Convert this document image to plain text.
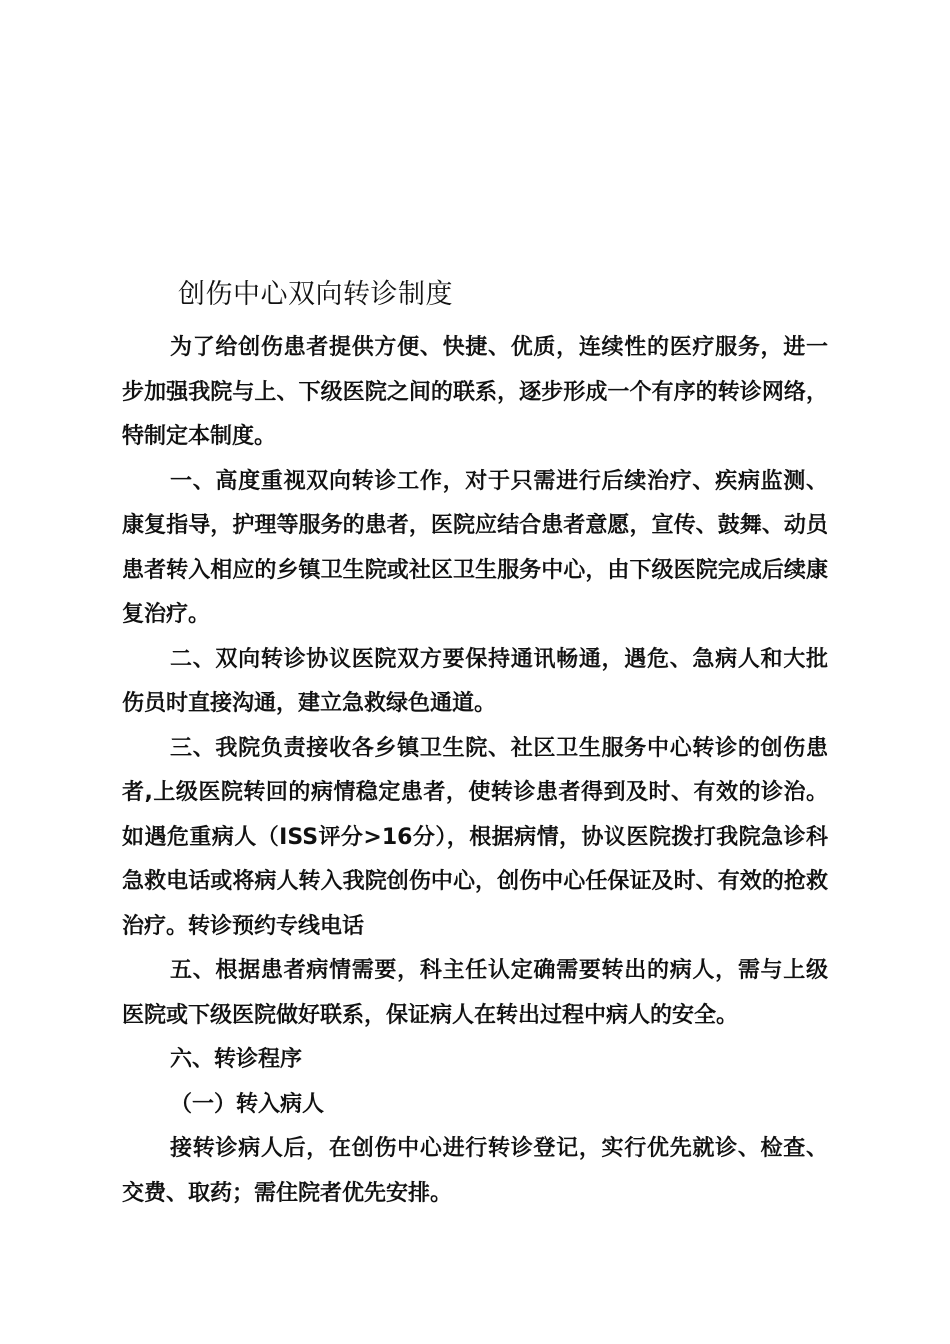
创伤中心双向转诊制度

为了给创伤患者提供方便、快捷、优质，连续性的医疗服务，进一步加强我院与上、下级医院之间的联系，逐步形成一个有序的转诊网络，特制定本制度。

一、高度重视双向转诊工作，对于只需进行后续治疗、疾病监测、康复指导，护理等服务的患者，医院应结合患者意愿，宣传、鼓舞、动员患者转入相应的乡镇卫生院或社区卫生服务中心，由下级医院完成后续康复治疗。

二、双向转诊协议医院双方要保持通讯畅通，遇危、急病人和大批伤员时直接沟通，建立急救绿色通道。

三、我院负责接收各乡镇卫生院、社区卫生服务中心转诊的创伤患者,上级医院转回的病情稳定患者，使转诊患者得到及时、有效的诊治。如遇危重病人（ISS评分>16分），根据病情，协议医院拨打我院急诊科急救电话或将病人转入我院创伤中心，创伤中心任保证及时、有效的抢救治疗。转诊预约专线电话

五、根据患者病情需要，科主任认定确需要转出的病人，需与上级医院或下级医院做好联系，保证病人在转出过程中病人的安全。

六、转诊程序

（一）转入病人

接转诊病人后，在创伤中心进行转诊登记，实行优先就诊、检查、交费、取药；需住院者优先安排。
